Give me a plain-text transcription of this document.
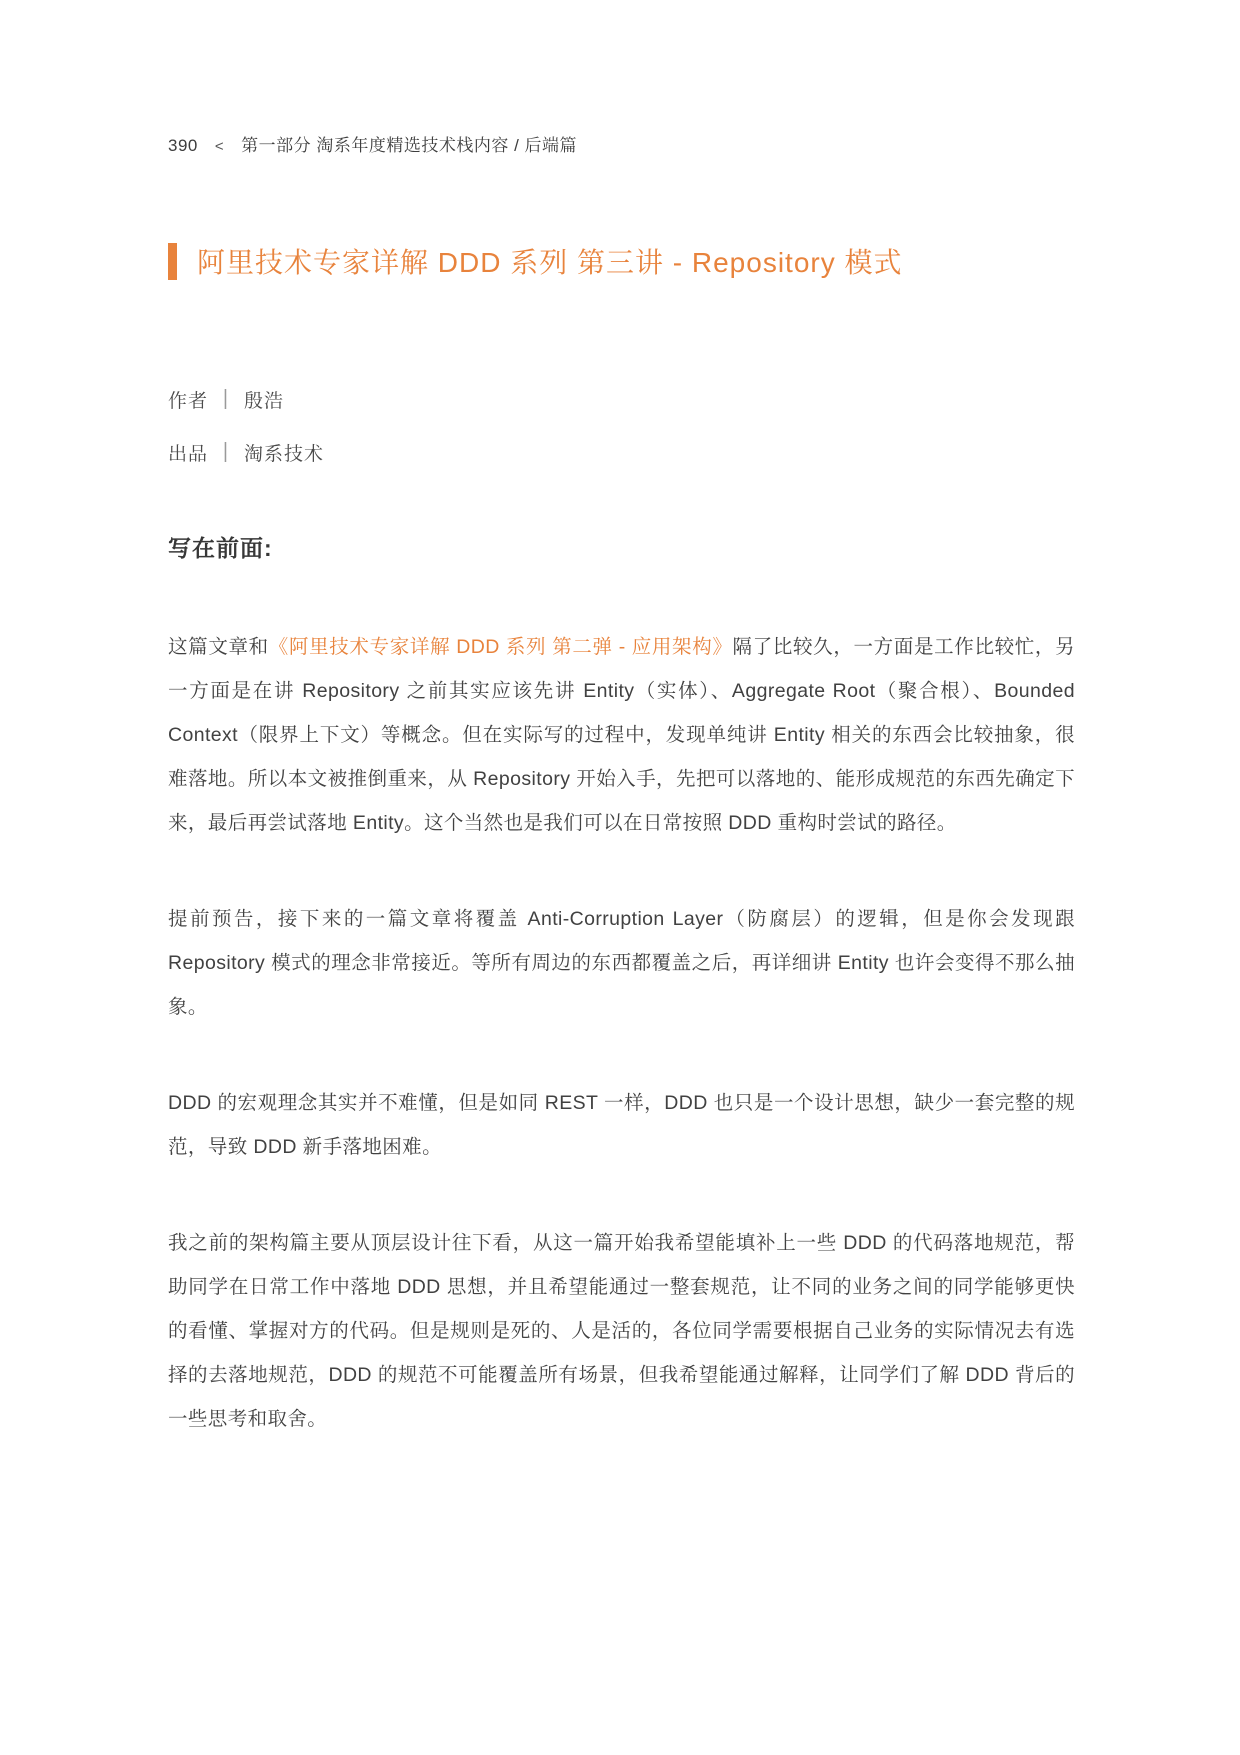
390 < 第一部分 淘系年度精选技术栈内容 / 后端篇
阿里技术专家详解 DDD 系列 第三讲 - Repository 模式
作者 | 殷浩
出品 | 淘系技术
写在前面:

这篇文章和《阿里技术专家详解 DDD 系列 第二弹 - 应用架构》隔了比较久，一方面是工作比较忙，另一方面是在讲 Repository 之前其实应该先讲 Entity（实体）、Aggregate Root（聚合根）、Bounded Context（限界上下文）等概念。但在实际写的过程中，发现单纯讲 Entity 相关的东西会比较抽象，很难落地。所以本文被推倒重来，从 Repository 开始入手，先把可以落地的、能形成规范的东西先确定下来，最后再尝试落地 Entity。这个当然也是我们可以在日常按照 DDD 重构时尝试的路径。

提前预告，接下来的一篇文章将覆盖 Anti-Corruption Layer（防腐层）的逻辑，但是你会发现跟 Repository 模式的理念非常接近。等所有周边的东西都覆盖之后，再详细讲 Entity 也许会变得不那么抽象。

DDD 的宏观理念其实并不难懂，但是如同 REST 一样，DDD 也只是一个设计思想，缺少一套完整的规范，导致 DDD 新手落地困难。

我之前的架构篇主要从顶层设计往下看，从这一篇开始我希望能填补上一些 DDD 的代码落地规范，帮助同学在日常工作中落地 DDD 思想，并且希望能通过一整套规范，让不同的业务之间的同学能够更快的看懂、掌握对方的代码。但是规则是死的、人是活的，各位同学需要根据自己业务的实际情况去有选择的去落地规范，DDD 的规范不可能覆盖所有场景，但我希望能通过解释，让同学们了解 DDD 背后的一些思考和取舍。
